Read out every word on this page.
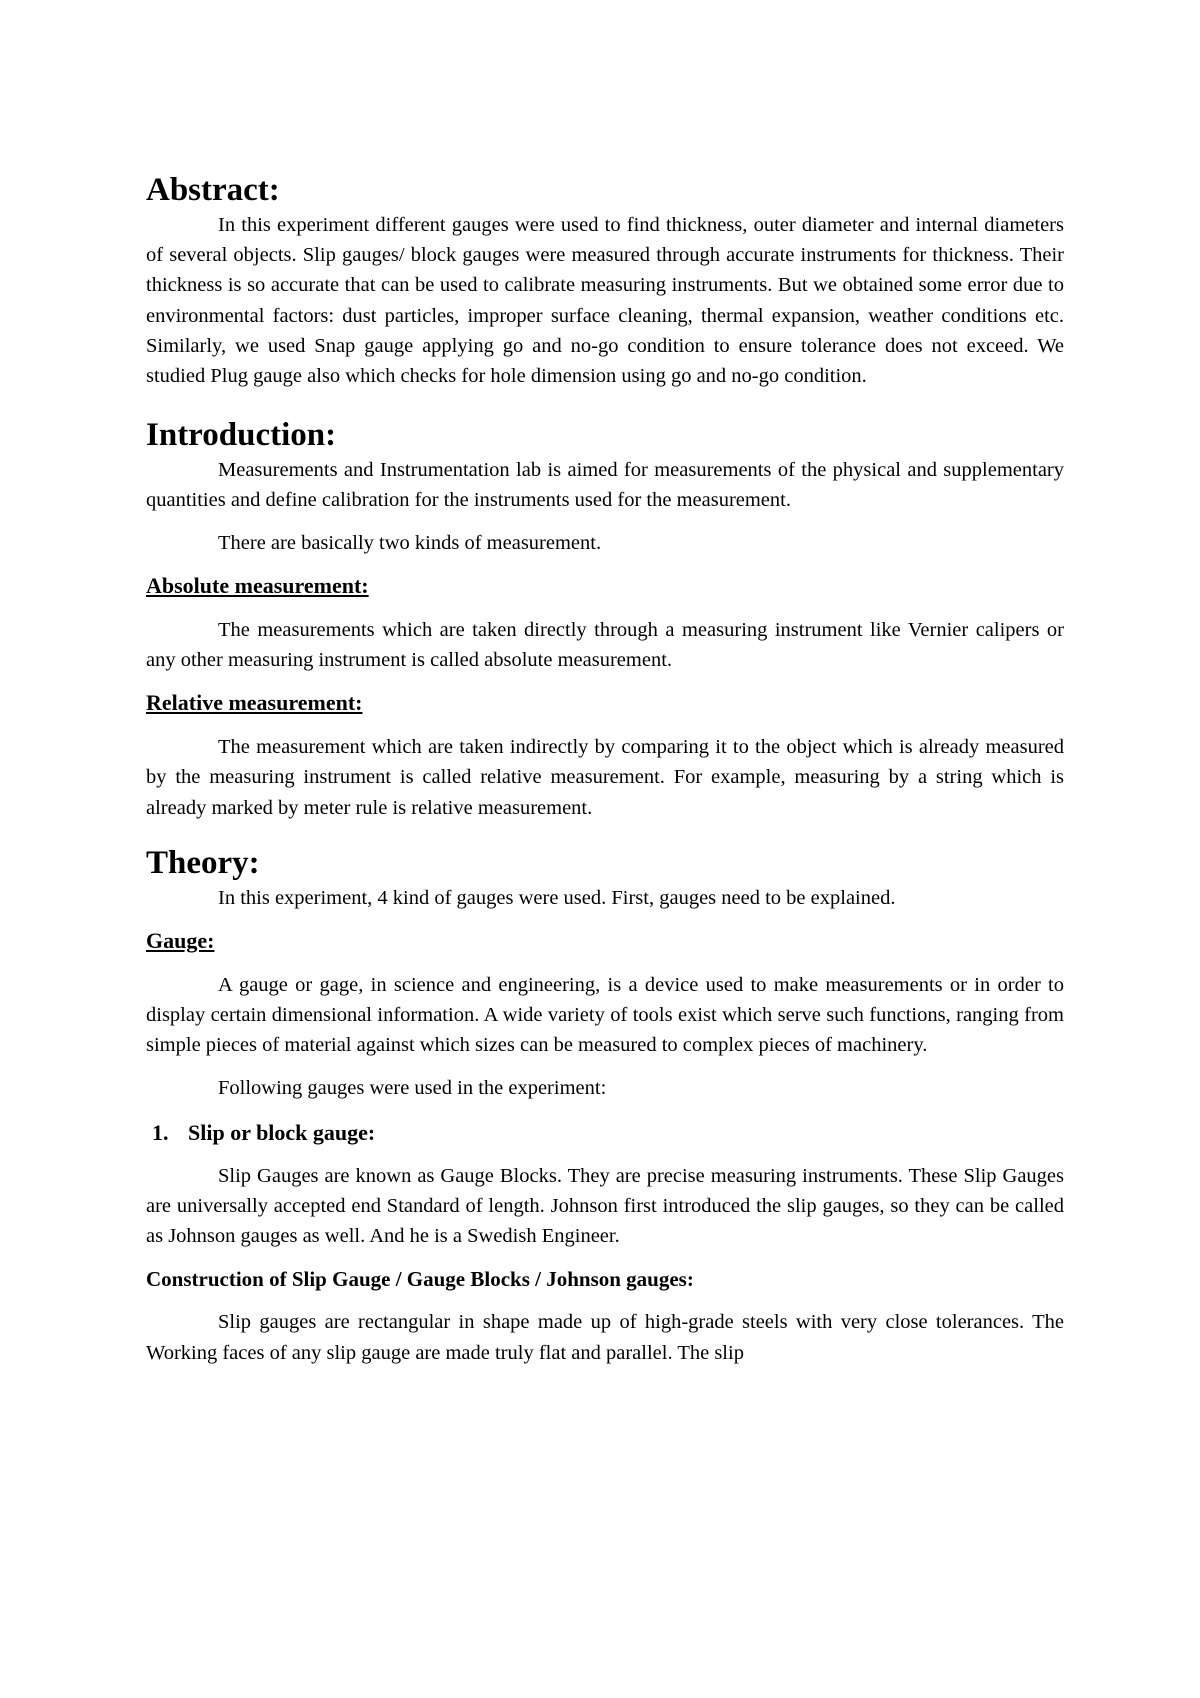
Abstract:

In this experiment different gauges were used to find thickness, outer diameter and internal diameters of several objects. Slip gauges/ block gauges were measured through accurate instruments for thickness. Their thickness is so accurate that can be used to calibrate measuring instruments. But we obtained some error due to environmental factors: dust particles, improper surface cleaning, thermal expansion, weather conditions etc. Similarly, we used Snap gauge applying go and no-go condition to ensure tolerance does not exceed. We studied Plug gauge also which checks for hole dimension using go and no-go condition.

Introduction:

Measurements and Instrumentation lab is aimed for measurements of the physical and supplementary quantities and define calibration for the instruments used for the measurement.

There are basically two kinds of measurement.

Absolute measurement:

The measurements which are taken directly through a measuring instrument like Vernier calipers or any other measuring instrument is called absolute measurement.

Relative measurement:

The measurement which are taken indirectly by comparing it to the object which is already measured by the measuring instrument is called relative measurement. For example, measuring by a string which is already marked by meter rule is relative measurement.

Theory:

In this experiment, 4 kind of gauges were used. First, gauges need to be explained.

Gauge:

A gauge or gage, in science and engineering, is a device used to make measurements or in order to display certain dimensional information. A wide variety of tools exist which serve such functions, ranging from simple pieces of material against which sizes can be measured to complex pieces of machinery.

Following gauges were used in the experiment:

1. Slip or block gauge:

Slip Gauges are known as Gauge Blocks. They are precise measuring instruments. These Slip Gauges are universally accepted end Standard of length. Johnson first introduced the slip gauges, so they can be called as Johnson gauges as well. And he is a Swedish Engineer.

Construction of Slip Gauge / Gauge Blocks / Johnson gauges:

Slip gauges are rectangular in shape made up of high-grade steels with very close tolerances. The Working faces of any slip gauge are made truly flat and parallel. The slip
